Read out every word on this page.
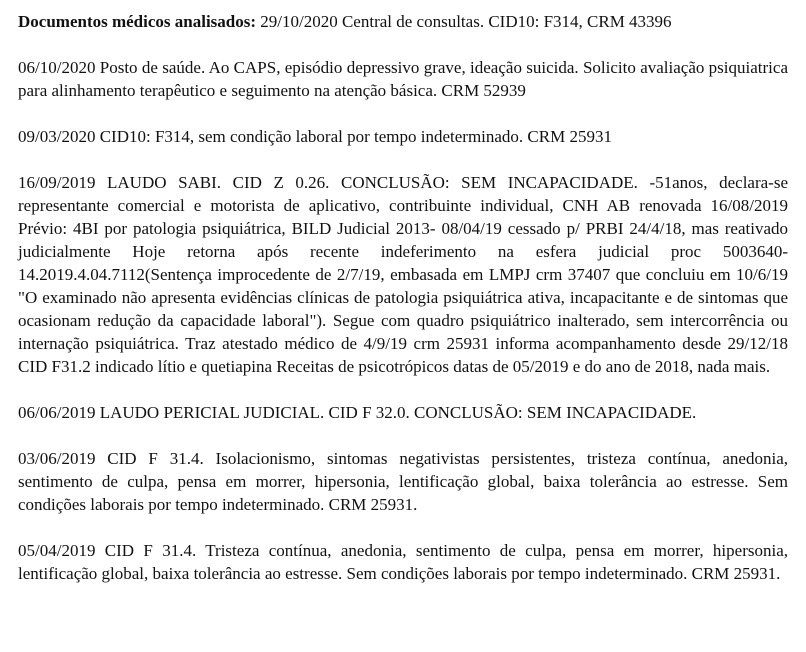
Documentos médicos analisados: 29/10/2020 Central de consultas. CID10: F314, CRM 43396

06/10/2020 Posto de saúde. Ao CAPS, episódio depressivo grave, ideação suicida. Solicito avaliação psiquiatrica para alinhamento terapêutico e seguimento na atenção básica. CRM 52939

09/03/2020 CID10: F314, sem condição laboral por tempo indeterminado. CRM 25931

16/09/2019 LAUDO SABI. CID Z 0.26. CONCLUSÃO: SEM INCAPACIDADE. -51anos, declara-se representante comercial e motorista de aplicativo, contribuinte individual, CNH AB renovada 16/08/2019 Prévio: 4BI por patologia psiquiátrica, BILD Judicial 2013- 08/04/19 cessado p/ PRBI 24/4/18, mas reativado judicialmente Hoje retorna após recente indeferimento na esfera judicial proc 5003640- 14.2019.4.04.7112(Sentença improcedente de 2/7/19, embasada em LMPJ crm 37407 que concluiu em 10/6/19 "O examinado não apresenta evidências clínicas de patologia psiquiátrica ativa, incapacitante e de sintomas que ocasionam redução da capacidade laboral"). Segue com quadro psiquiátrico inalterado, sem intercorrência ou internação psiquiátrica. Traz atestado médico de 4/9/19 crm 25931 informa acompanhamento desde 29/12/18 CID F31.2 indicado lítio e quetiapina Receitas de psicotrópicos datas de 05/2019 e do ano de 2018, nada mais.

06/06/2019 LAUDO PERICIAL JUDICIAL. CID F 32.0. CONCLUSÃO: SEM INCAPACIDADE.

03/06/2019 CID F 31.4. Isolacionismo, sintomas negativistas persistentes, tristeza contínua, anedonia, sentimento de culpa, pensa em morrer, hipersonia, lentificação global, baixa tolerância ao estresse. Sem condições laborais por tempo indeterminado. CRM 25931.

05/04/2019 CID F 31.4. Tristeza contínua, anedonia, sentimento de culpa, pensa em morrer, hipersonia, lentificação global, baixa tolerância ao estresse. Sem condições laborais por tempo indeterminado. CRM 25931.
